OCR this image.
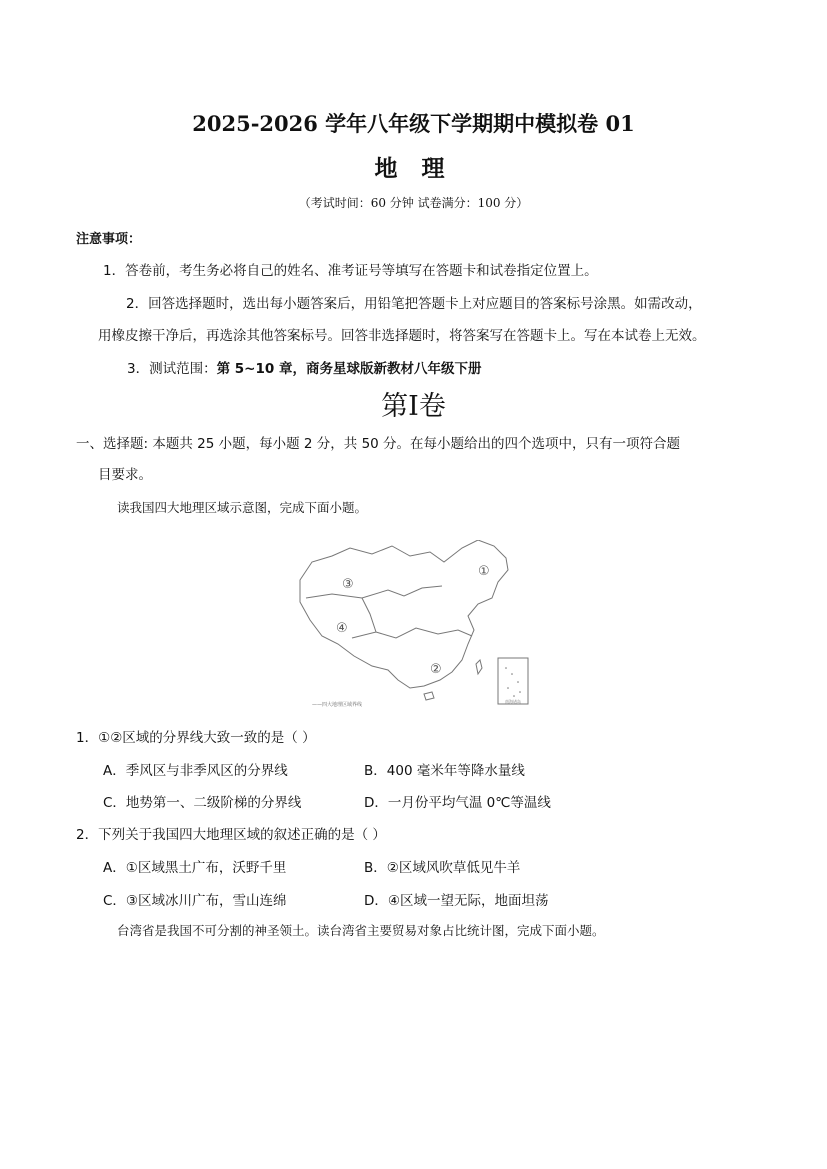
2025-2026 学年八年级下学期期中模拟卷 01
地 理
（考试时间：60 分钟 试卷满分：100 分）
注意事项：
1．答卷前，考生务必将自己的姓名、准考证号等填写在答题卡和试卷指定位置上。
2．回答选择题时，选出每小题答案后，用铅笔把答题卡上对应题目的答案标号涂黑。如需改动，
用橡皮擦干净后，再选涂其他答案标号。回答非选择题时，将答案写在答题卡上。写在本试卷上无效。
3．测试范围：第 5~10 章，商务星球版新教材八年级下册
第Ⅰ卷
一、选择题: 本题共 25 小题，每小题 2 分，共 50 分。在每小题给出的四个选项中，只有一项符合题
目要求。
读我国四大地理区域示意图，完成下面小题。
南海诸岛
①
②
③
④
——四大地理区域界线
1．①②区域的分界线大致一致的是（ ）
A．季风区与非季风区的分界线	B．400 毫米年等降水量线
C．地势第一、二级阶梯的分界线	D．一月份平均气温 0℃等温线
2．下列关于我国四大地理区域的叙述正确的是（ ）
A．①区域黑土广布，沃野千里	B．②区域风吹草低见牛羊
C．③区域冰川广布，雪山连绵	D．④区域一望无际，地面坦荡
台湾省是我国不可分割的神圣领土。读台湾省主要贸易对象占比统计图，完成下面小题。
